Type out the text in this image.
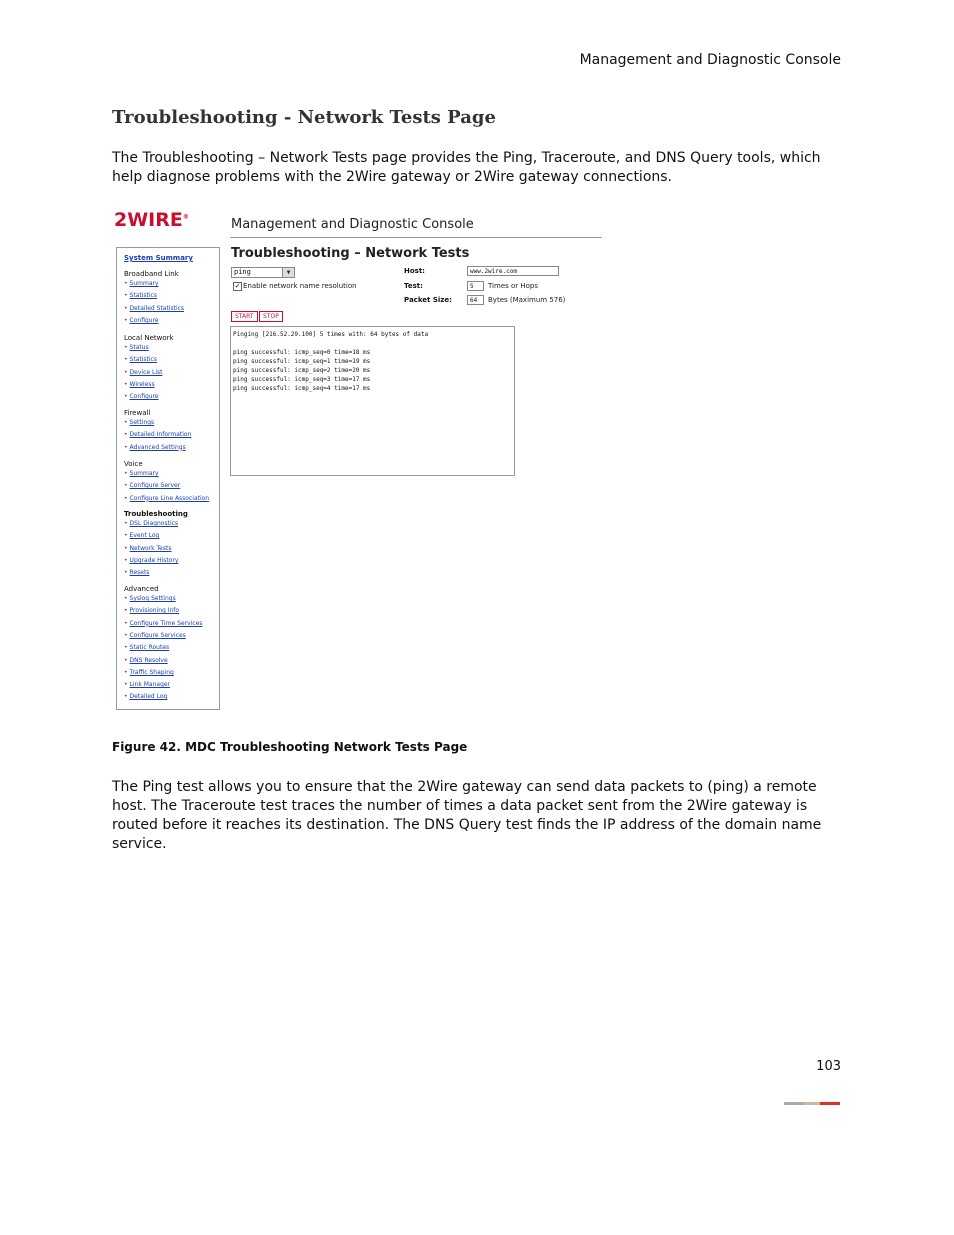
Management and Diagnostic Console
Troubleshooting - Network Tests Page
The Troubleshooting – Network Tests page provides the Ping, Traceroute, and DNS Query tools, which help diagnose problems with the 2Wire gateway or 2Wire gateway connections.
2WIRE®	Management and Diagnostic Console
System Summary
Broadband Link
• Summary
• Statistics
• Detailed Statistics
• Configure
Local Network
• Status
• Statistics
• Device List
• Wireless
• Configure
Firewall
• Settings
• Detailed Information
• Advanced Settings
Voice
• Summary
• Configure Server
• Configure Line Association
Troubleshooting
• DSL Diagnostics
• Event Log
• Network Tests
• Upgrade History
• Resets
Advanced
• Syslog Settings
• Provisioning Info
• Configure Time Services
• Configure Services
• Static Routes
• DNS Resolve
• Traffic Shaping
• Link Manager
• Detailed Log
Troubleshooting – Network Tests
ping	▼
✓ Enable network name resolution
Host:	www.2wire.com
Test:	5	Times or Hops
Packet Size:	64	Bytes (Maximum 576)
START	STOP
Pinging [216.52.29.100] 5 times with: 64 bytes of data

ping successful: icmp_seq=0 time=18 ms
ping successful: icmp_seq=1 time=19 ms
ping successful: icmp_seq=2 time=20 ms
ping successful: icmp_seq=3 time=17 ms
ping successful: icmp_seq=4 time=17 ms
Figure 42. MDC Troubleshooting Network Tests Page
The Ping test allows you to ensure that the 2Wire gateway can send data packets to (ping) a remote host. The Traceroute test traces the number of times a data packet sent from the 2Wire gateway is routed before it reaches its destination. The DNS Query test finds the IP address of the domain name service.
103
